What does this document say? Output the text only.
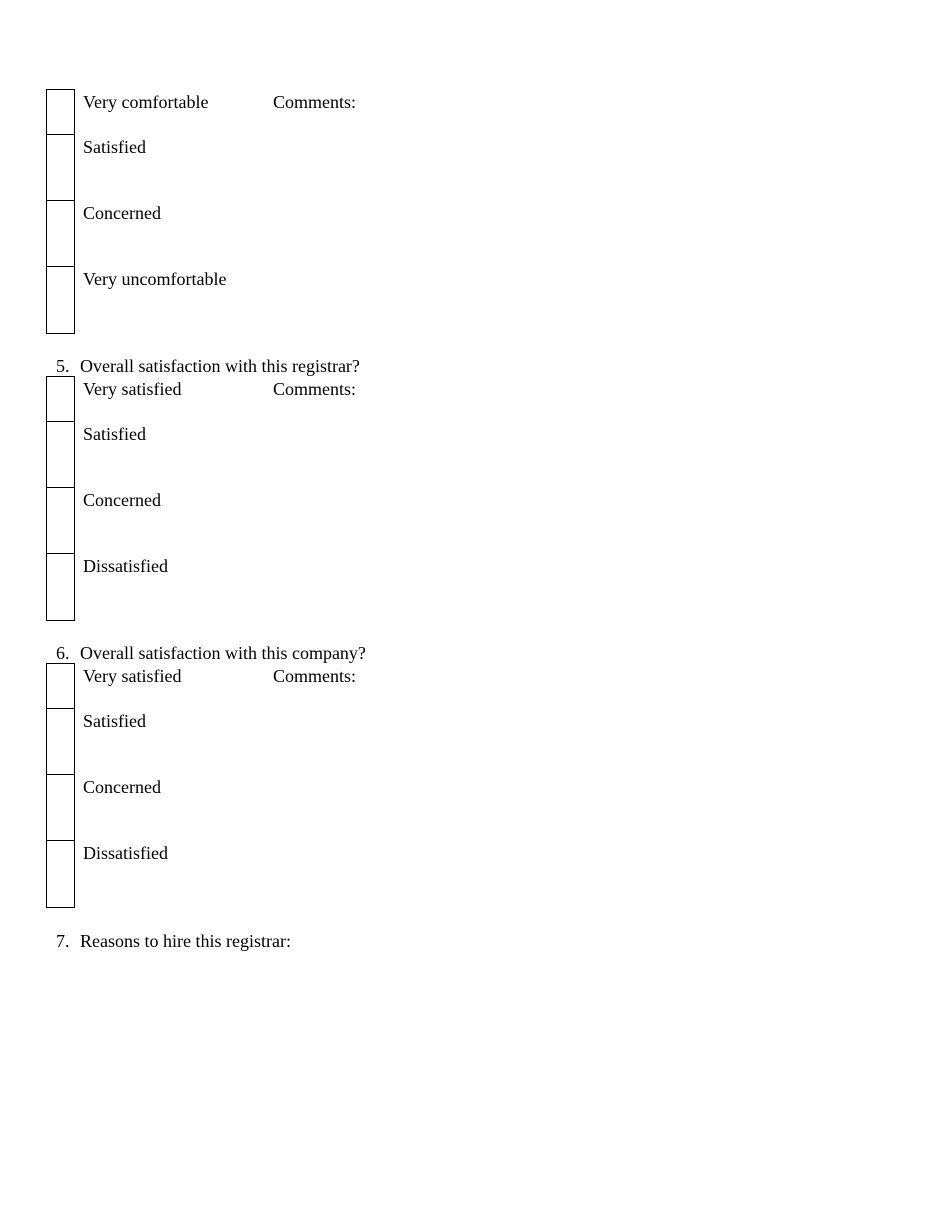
Very comfortable	Comments:
Satisfied
Concerned
Very uncomfortable
5. Overall satisfaction with this registrar?
Very satisfied	Comments:
Satisfied
Concerned
Dissatisfied
6. Overall satisfaction with this company?
Very satisfied	Comments:
Satisfied
Concerned
Dissatisfied
7. Reasons to hire this registrar:
